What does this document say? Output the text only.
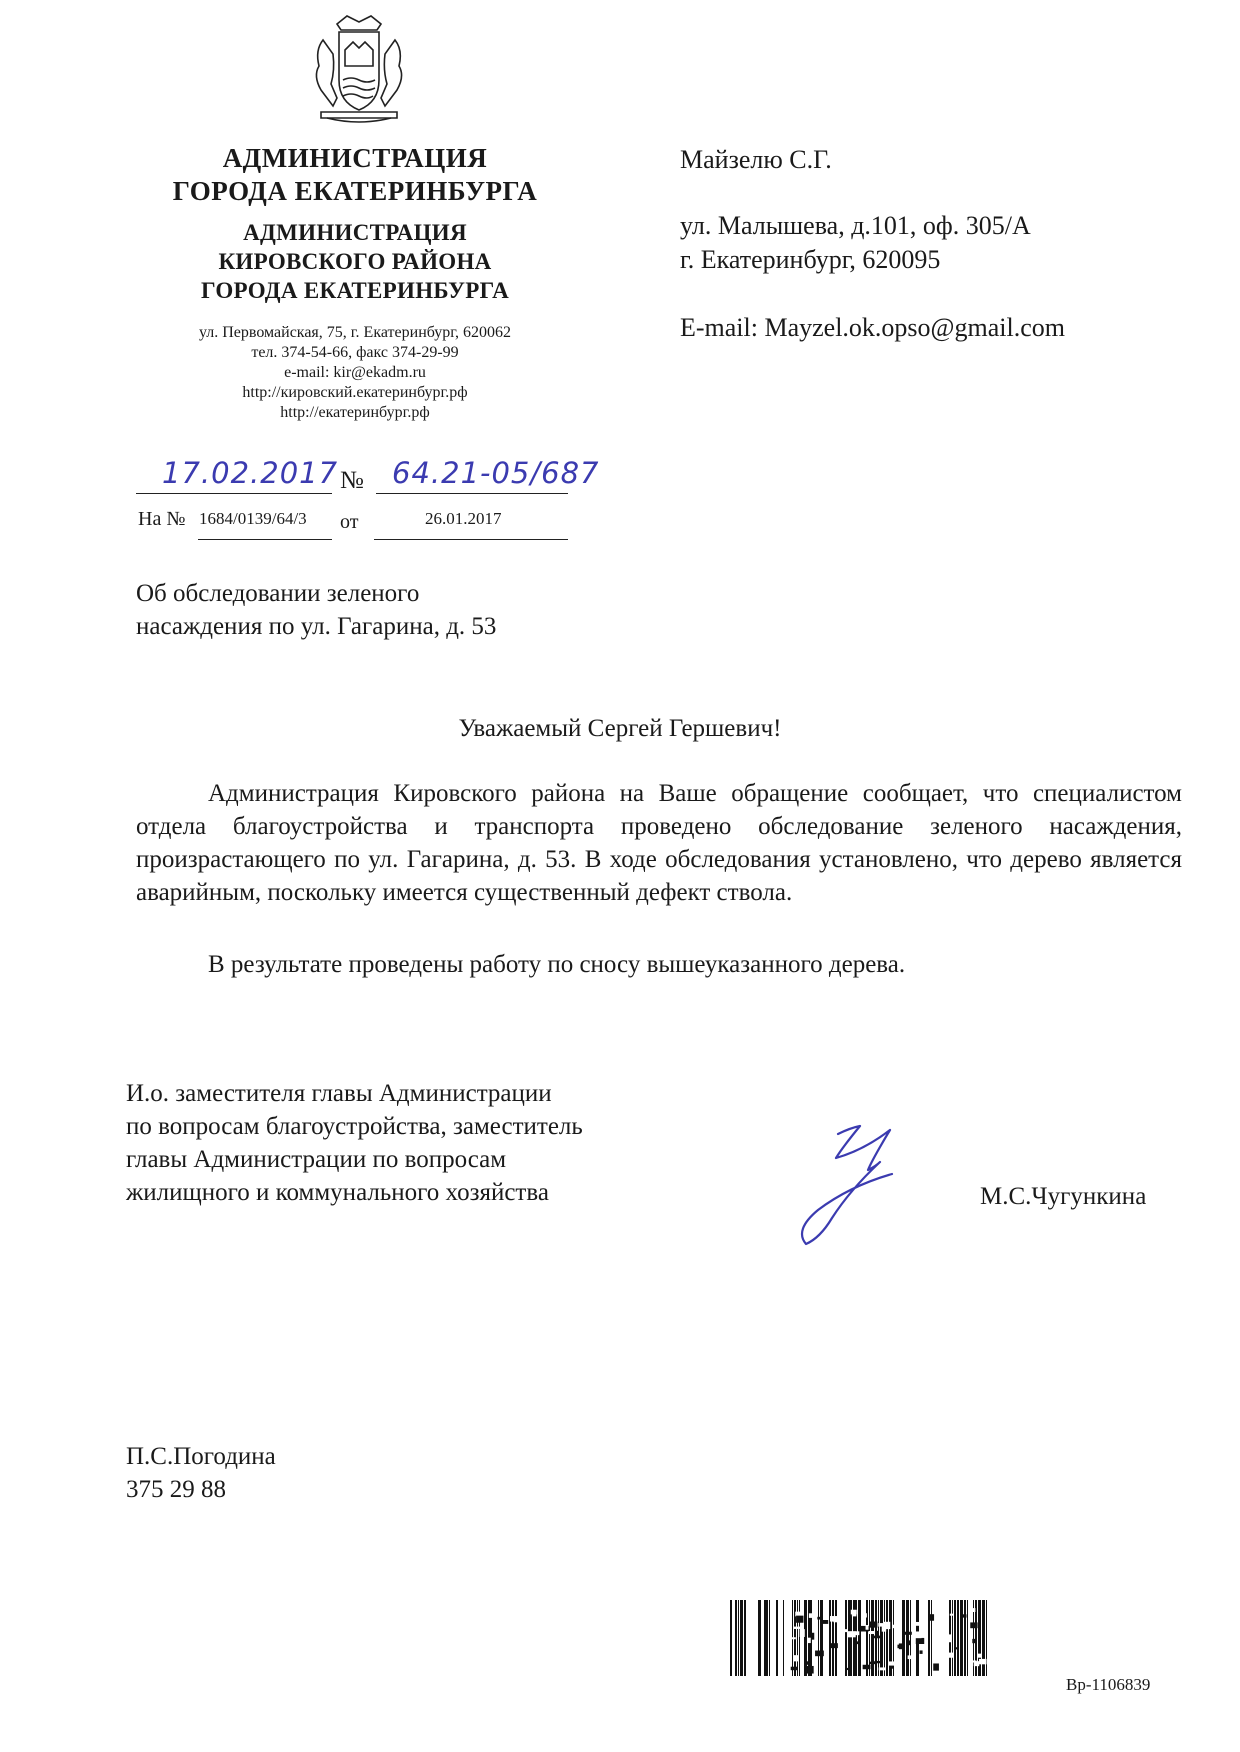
АДМИНИСТРАЦИЯ
ГОРОДА ЕКАТЕРИНБУРГА
АДМИНИСТРАЦИЯ
КИРОВСКОГО РАЙОНА
ГОРОДА ЕКАТЕРИНБУРГА
ул. Первомайская, 75, г. Екатеринбург, 620062
тел. 374-54-66, факс 374-29-99
e-mail: kir@ekadm.ru
http://кировский.екатеринбург.рф
http://екатеринбург.рф
Майзелю С.Г.
ул. Малышева, д.101, оф. 305/А
г. Екатеринбург, 620095
E-mail: Mayzel.ok.opso@gmail.com
17.02.2017 № 64.21-05/687
На № 1684/0139/64/3 от	26.01.2017
Об обследовании зеленого
насаждения по ул. Гагарина, д. 53
Уважаемый Сергей Гершевич!

Администрация Кировского района на Ваше обращение сообщает, что специалистом отдела благоустройства и транспорта проведено обследование зеленого насаждения, произрастающего по ул. Гагарина, д. 53. В ходе обследования установлено, что дерево является аварийным, поскольку имеется существенный дефект ствола.

В результате проведены работу по сносу вышеуказанного дерева.

И.о. заместителя главы Администрации
по вопросам благоустройства, заместитель
главы Администрации по вопросам
жилищного и коммунального хозяйства	М.С.Чугункина
П.С.Погодина
375 29 88
Вр-1106839
